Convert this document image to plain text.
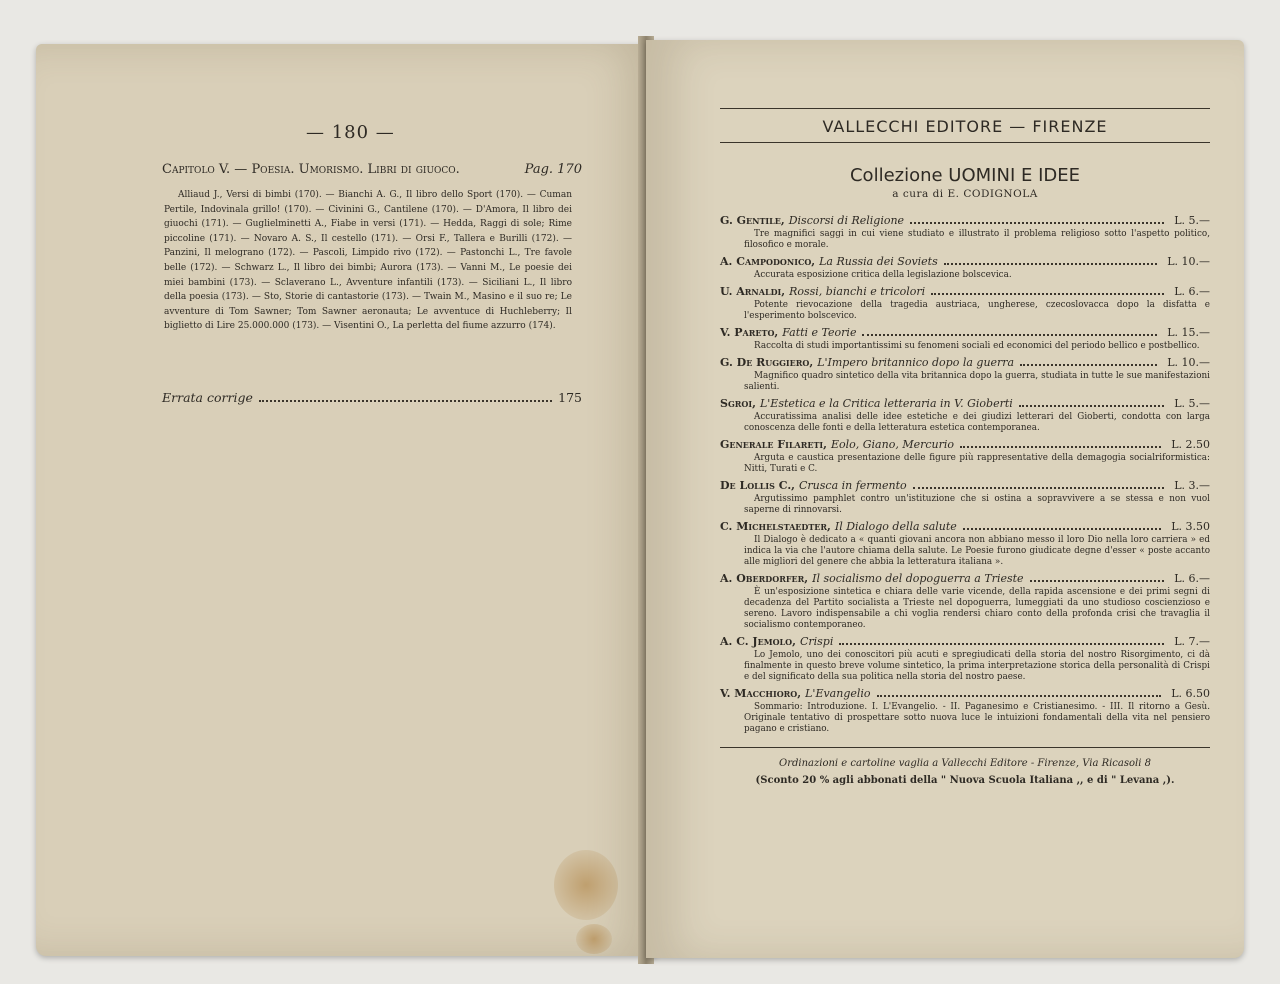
— 180 —
Capitolo V. — Poesia. Umorismo. Libri di giuoco.	Pag. 170
Alliaud J., Versi di bimbi (170). — Bianchi A. G., Il libro dello Sport (170). — Cuman Pertile, Indovinala grillo! (170). — Civinini G., Cantilene (170). — D'Amora, Il libro dei giuochi (171). — Guglielminetti A., Fiabe in versi (171). — Hedda, Raggi di sole; Rime piccoline (171). — Novaro A. S., Il cestello (171). — Orsi F., Tallera e Burilli (172). — Panzini, Il melograno (172). — Pascoli, Limpido rivo (172). — Pastonchi L., Tre favole belle (172). — Schwarz L., Il libro dei bimbi; Aurora (173). — Vanni M., Le poesie dei miei bambini (173). — Sclaverano L., Avventure infantili (173). — Siciliani L., Il libro della poesia (173). — Sto, Storie di cantastorie (173). — Twain M., Masino e il suo re; Le avventure di Tom Sawner; Tom Sawner aeronauta; Le avventuce di Huchleberry; Il biglietto di Lire 25.000.000 (173). — Visentini O., La perletta del fiume azzurro (174).
Errata corrige	175
VALLECCHI EDITORE — FIRENZE
Collezione UOMINI E IDEE
a cura di E. CODIGNOLA
G. Gentile, Discorsi di Religione	L. 5.—
Tre magnifici saggi in cui viene studiato e illustrato il problema religioso sotto l'aspetto politico, filosofico e morale.
A. Campodonico, La Russia dei Soviets	L. 10.—
Accurata esposizione critica della legislazione bolscevica.
U. Arnaldi, Rossi, bianchi e tricolori	L. 6.—
Potente rievocazione della tragedia austriaca, ungherese, czecoslovacca dopo la disfatta e l'esperimento bolscevico.
V. Pareto, Fatti e Teorie	L. 15.—
Raccolta di studi importantissimi su fenomeni sociali ed economici del periodo bellico e postbellico.
G. De Ruggiero, L'Impero britannico dopo la guerra	L. 10.—
Magnifico quadro sintetico della vita britannica dopo la guerra, studiata in tutte le sue manifestazioni salienti.
Sgroi, L'Estetica e la Critica letteraria in V. Gioberti	L. 5.—
Accuratissima analisi delle idee estetiche e dei giudizi letterari del Gioberti, condotta con larga conoscenza delle fonti e della letteratura estetica contemporanea.
Generale Filareti, Eolo, Giano, Mercurio	L. 2.50
Arguta e caustica presentazione delle figure più rappresentative della demagogia socialriformistica: Nitti, Turati e C.
De Lollis C., Crusca in fermento	L. 3.—
Argutissimo pamphlet contro un'istituzione che si ostina a sopravvivere a se stessa e non vuol saperne di rinnovarsi.
C. Michelstaedter, Il Dialogo della salute	L. 3.50
Il Dialogo è dedicato a « quanti giovani ancora non abbiano messo il loro Dio nella loro carriera » ed indica la via che l'autore chiama della salute. Le Poesie furono giudicate degne d'esser « poste accanto alle migliori del genere che abbia la letteratura italiana ».
A. Oberdorfer, Il socialismo del dopoguerra a Trieste	L. 6.—
È un'esposizione sintetica e chiara delle varie vicende, della rapida ascensione e dei primi segni di decadenza del Partito socialista a Trieste nel dopoguerra, lumeggiati da uno studioso coscienzioso e sereno. Lavoro indispensabile a chi voglia rendersi chiaro conto della profonda crisi che travaglia il socialismo contemporaneo.
A. C. Jemolo, Crispi	L. 7.—
Lo Jemolo, uno dei conoscitori più acuti e spregiudicati della storia del nostro Risorgimento, ci dà finalmente in questo breve volume sintetico, la prima interpretazione storica della personalità di Crispi e del significato della sua politica nella storia del nostro paese.
V. Macchioro, L'Evangelio	L. 6.50
Sommario: Introduzione. I. L'Evangelio. - II. Paganesimo e Cristianesimo. - III. Il ritorno a Gesù. Originale tentativo di prospettare sotto nuova luce le intuizioni fondamentali della vita nel pensiero pagano e cristiano.
Ordinazioni e cartoline vaglia a Vallecchi Editore - Firenze, Via Ricasoli 8
(Sconto 20 % agli abbonati della " Nuova Scuola Italiana ,, e di " Levana ,).
